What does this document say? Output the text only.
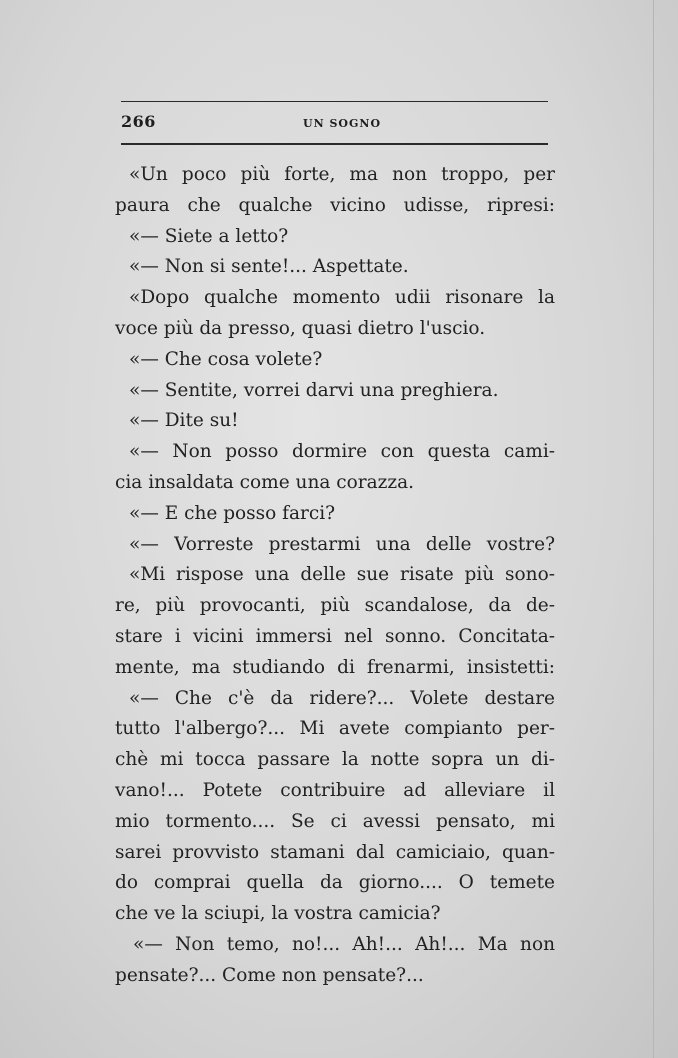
266	UN SOGNO
«Un poco più forte, ma non troppo, per
paura che qualche vicino udisse, ripresi:
«— Siete a letto?
«— Non si sente!... Aspettate.
«Dopo qualche momento udii risonare la
voce più da presso, quasi dietro l'uscio.
«— Che cosa volete?
«— Sentite, vorrei darvi una preghiera.
«— Dite su!
«— Non posso dormire con questa cami-
cia insaldata come una corazza.
«— E che posso farci?
«— Vorreste prestarmi una delle vostre?
«Mi rispose una delle sue risate più sono-
re, più provocanti, più scandalose, da de-
stare i vicini immersi nel sonno. Concitata-
mente, ma studiando di frenarmi, insistetti:
«— Che c'è da ridere?... Volete destare
tutto l'albergo?... Mi avete compianto per-
chè mi tocca passare la notte sopra un di-
vano!... Potete contribuire ad alleviare il
mio tormento.... Se ci avessi pensato, mi
sarei provvisto stamani dal camiciaio, quan-
do comprai quella da giorno.... O temete
che ve la sciupi, la vostra camicia?
«— Non temo, no!... Ah!... Ah!... Ma non
pensate?... Come non pensate?...
